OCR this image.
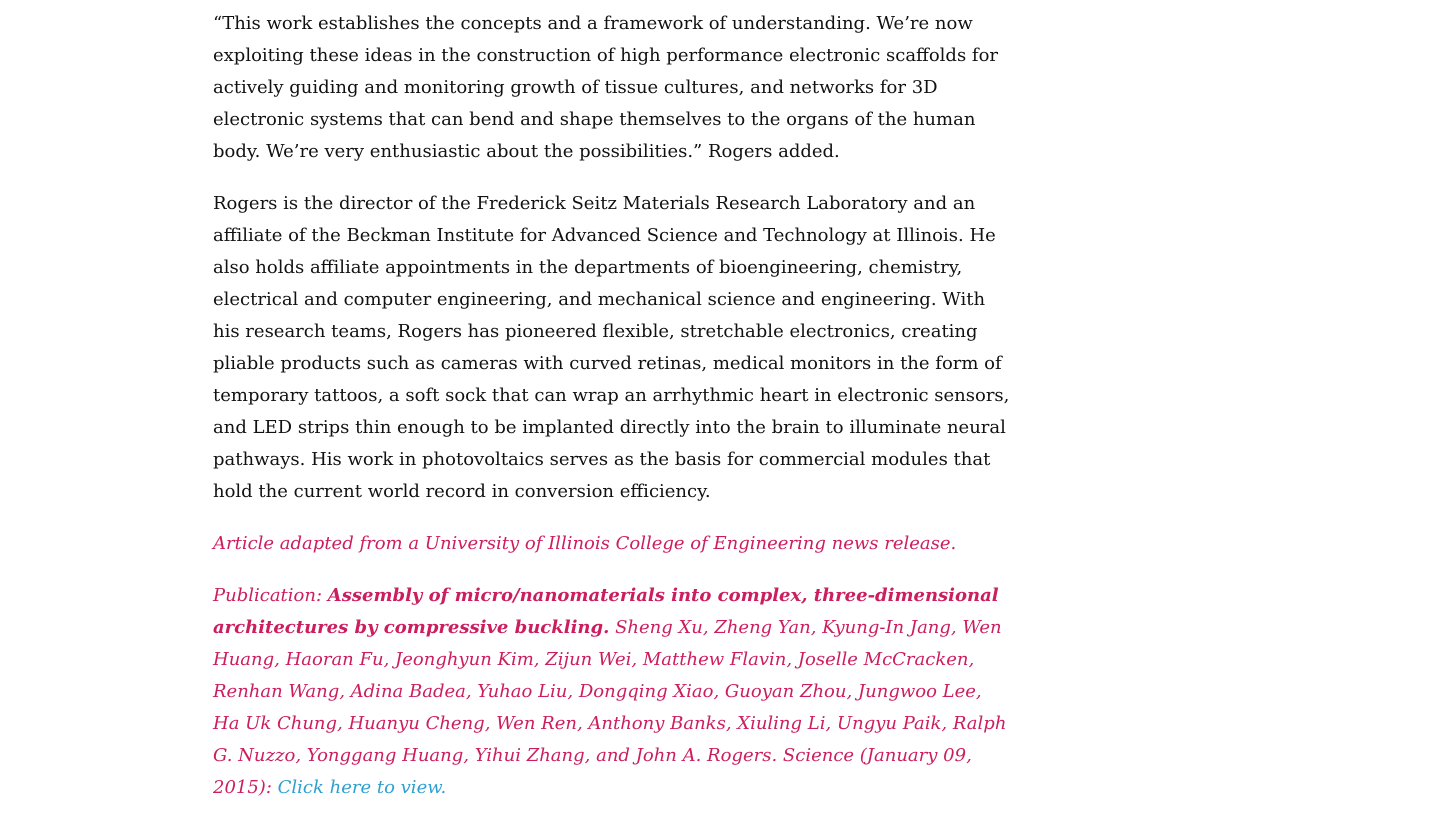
“This work establishes the concepts and a framework of understanding. We’re now exploiting these ideas in the construction of high performance electronic scaffolds for actively guiding and monitoring growth of tissue cultures, and networks for 3D electronic systems that can bend and shape themselves to the organs of the human body. We’re very enthusiastic about the possibilities.” Rogers added.

Rogers is the director of the Frederick Seitz Materials Research Laboratory and an affiliate of the Beckman Institute for Advanced Science and Technology at Illinois. He also holds affiliate appointments in the departments of bioengineering, chemistry, electrical and computer engineering, and mechanical science and engineering. With his research teams, Rogers has pioneered flexible, stretchable electronics, creating pliable products such as cameras with curved retinas, medical monitors in the form of temporary tattoos, a soft sock that can wrap an arrhythmic heart in electronic sensors, and LED strips thin enough to be implanted directly into the brain to illuminate neural pathways. His work in photovoltaics serves as the basis for commercial modules that hold the current world record in conversion efficiency.

Article adapted from a University of Illinois College of Engineering news release.

Publication: Assembly of micro/nanomaterials into complex, three-dimensional architectures by compressive buckling. Sheng Xu, Zheng Yan, Kyung-In Jang, Wen Huang, Haoran Fu, Jeonghyun Kim, Zijun Wei, Matthew Flavin, Joselle McCracken, Renhan Wang, Adina Badea, Yuhao Liu, Dongqing Xiao, Guoyan Zhou, Jungwoo Lee, Ha Uk Chung, Huanyu Cheng, Wen Ren, Anthony Banks, Xiuling Li, Ungyu Paik, Ralph G. Nuzzo, Yonggang Huang, Yihui Zhang, and John A. Rogers. Science (January 09, 2015): Click here to view.
